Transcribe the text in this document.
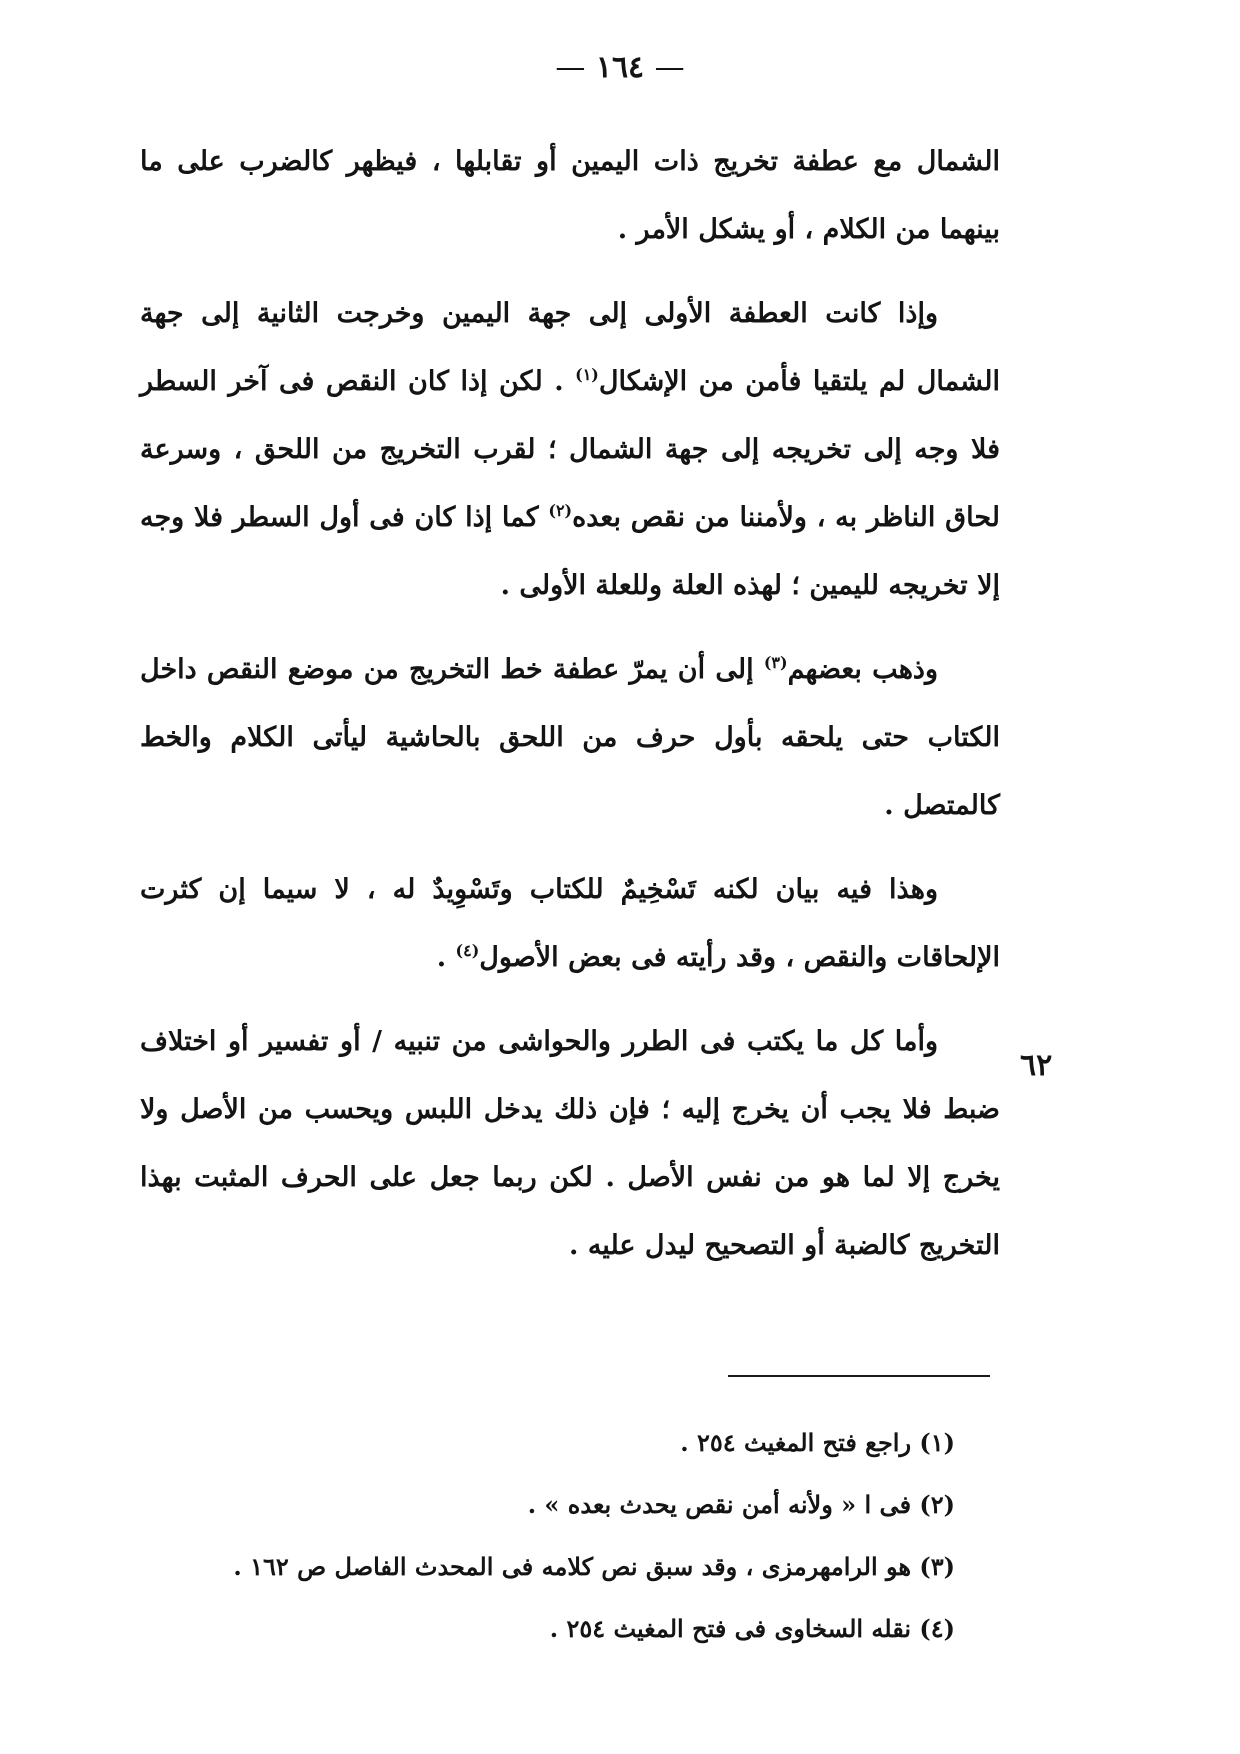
— ١٦٤ —

الشمال مع عطفة تخريج ذات اليمين أو تقابلها ، فيظهر كالضرب على ما بينهما من الكلام ، أو يشكل الأمر .

وإذا كانت العطفة الأولى إلى جهة اليمين وخرجت الثانية إلى جهة الشمال لم يلتقيا فأمن من الإشكال$^{(١)}$ . لكن إذا كان النقص فى آخر السطر فلا وجه إلى تخريجه إلى جهة الشمال ؛ لقرب التخريج من اللحق ، وسرعة لحاق الناظر به ، ولأمننا من نقص بعده$^{(٢)}$ كما إذا كان فى أول السطر فلا وجه إلا تخريجه لليمين ؛ لهذه العلة وللعلة الأولى .

وذهب بعضهم$^{(٣)}$ إلى أن يمرّ عطفة خط التخريج من موضع النقص داخل الكتاب حتى يلحقه بأول حرف من اللحق بالحاشية ليأتى الكلام والخط كالمتصل .

وهذا فيه بيان لكنه تَسْخِيمٌ للكتاب وتَسْوِيدٌ له ، لا سيما إن كثرت الإلحاقات والنقص ، وقد رأيته فى بعض الأصول$^{(٤)}$ .

وأما كل ما يكتب فى الطرر والحواشى من تنبيه / أو تفسير أو اختلاف ضبط فلا يجب أن يخرج إليه ؛ فإن ذلك يدخل اللبس ويحسب من الأصل ولا يخرج إلا لما هو من نفس الأصل . لكن ربما جعل على الحرف المثبت بهذا التخريج كالضبة أو التصحيح ليدل عليه .

٦٢

(١) راجع فتح المغيث ٢٥٤ .

(٢) فى ا « ولأنه أمن نقص يحدث بعده » .

(٣) هو الرامهرمزى ، وقد سبق نص كلامه فى المحدث الفاصل ص ١٦٢ .

(٤) نقله السخاوى فى فتح المغيث ٢٥٤ .
